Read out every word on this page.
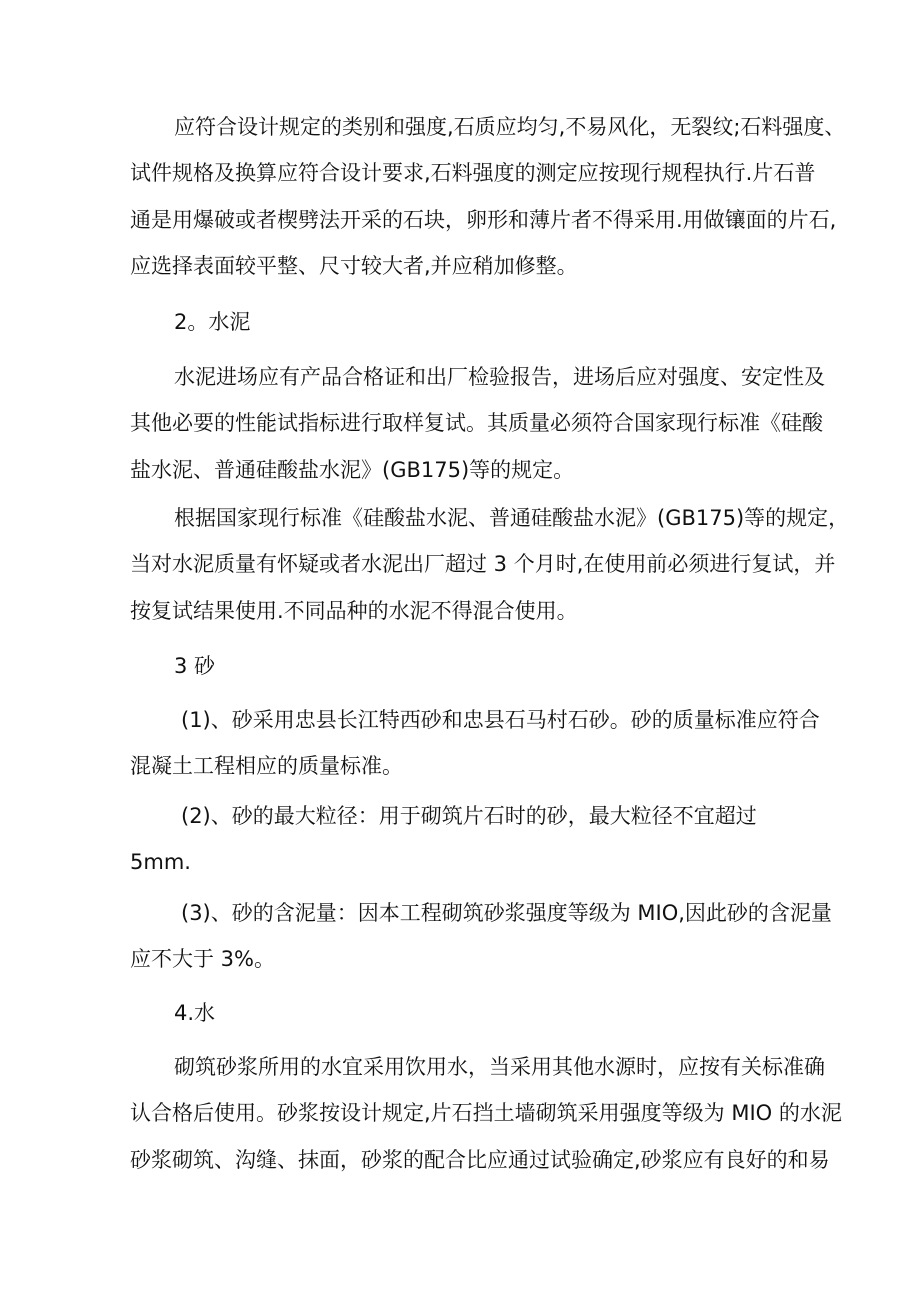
应符合设计规定的类别和强度,石质应均匀,不易风化，无裂纹;石料强度、
试件规格及换算应符合设计要求,石料强度的测定应按现行规程执行.片石普
通是用爆破或者楔劈法开采的石块，卵形和薄片者不得采用.用做镶面的片石,
应选择表面较平整、尺寸较大者,并应稍加修整。
2。水泥
水泥进场应有产品合格证和出厂检验报告，进场后应对强度、安定性及
其他必要的性能试指标进行取样复试。其质量必须符合国家现行标准《硅酸
盐水泥、普通硅酸盐水泥》(GB175)等的规定。
根据国家现行标准《硅酸盐水泥、普通硅酸盐水泥》(GB175)等的规定，
当对水泥质量有怀疑或者水泥出厂超过 3 个月时,在使用前必须进行复试，并
按复试结果使用.不同品种的水泥不得混合使用。
3 砂
(1)、砂采用忠县长江特西砂和忠县石马村石砂。砂的质量标准应符合
混凝土工程相应的质量标准。
(2)、砂的最大粒径：用于砌筑片石时的砂，最大粒径不宜超过
5mm.
(3)、砂的含泥量：因本工程砌筑砂浆强度等级为 MIO,因此砂的含泥量
应不大于 3%。
4.水
砌筑砂浆所用的水宜采用饮用水，当采用其他水源时，应按有关标准确
认合格后使用。砂浆按设计规定,片石挡土墙砌筑采用强度等级为 MIO 的水泥
砂浆砌筑、沟缝、抹面，砂浆的配合比应通过试验确定,砂浆应有良好的和易
